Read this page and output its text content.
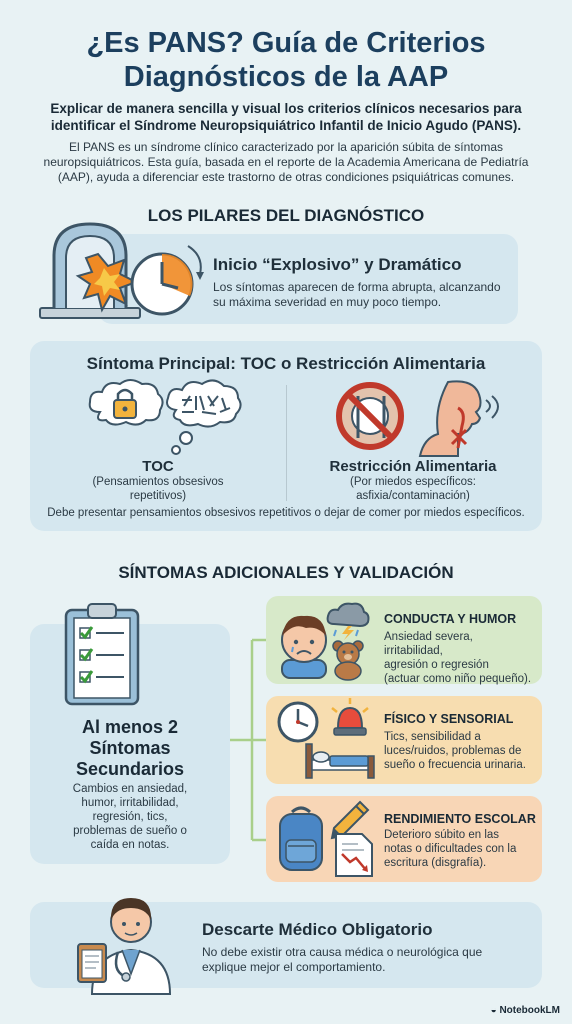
¿Es PANS? Guía de Criterios
Diagnósticos de la AAP
Explicar de manera sencilla y visual los criterios clínicos necesarios para
identificar el Síndrome Neuropsiquiátrico Infantil de Inicio Agudo (PANS).
El PANS es un síndrome clínico caracterizado por la aparición súbita de síntomas
neuropsiquiátricos. Esta guía, basada en el reporte de la Academia Americana de Pediatría
(AAP), ayuda a diferenciar este trastorno de otras condiciones psiquiátricas comunes.
LOS PILARES DEL DIAGNÓSTICO
Inicio “Explosivo” y Dramático
Los síntomas aparecen de forma abrupta, alcanzando
su máxima severidad en muy poco tiempo.
Síntoma Principal: TOC o Restricción Alimentaria
TOC
(Pensamientos obsesivos
repetitivos)
Restricción Alimentaria
(Por miedos específicos:
asfixia/contaminación)
Debe presentar pensamientos obsesivos repetitivos o dejar de comer por miedos específicos.
SÍNTOMAS ADICIONALES Y VALIDACIÓN
Al menos 2
Síntomas
Secundarios
Cambios en ansiedad,
humor, irritabilidad,
regresión, tics,
problemas de sueño o
caída en notas.
CONDUCTA Y HUMOR
Ansiedad severa, irritabilidad,
agresión o regresión
(actuar como niño pequeño).
FÍSICO Y SENSORIAL
Tics, sensibilidad a
luces/ruidos, problemas de
sueño o frecuencia urinaria.
RENDIMIENTO ESCOLAR
Deterioro súbito en las
notas o dificultades con la
escritura (disgrafía).
Descarte Médico Obligatorio
No debe existir otra causa médica o neurológica que
explique mejor el comportamiento.
◒ NotebookLM
